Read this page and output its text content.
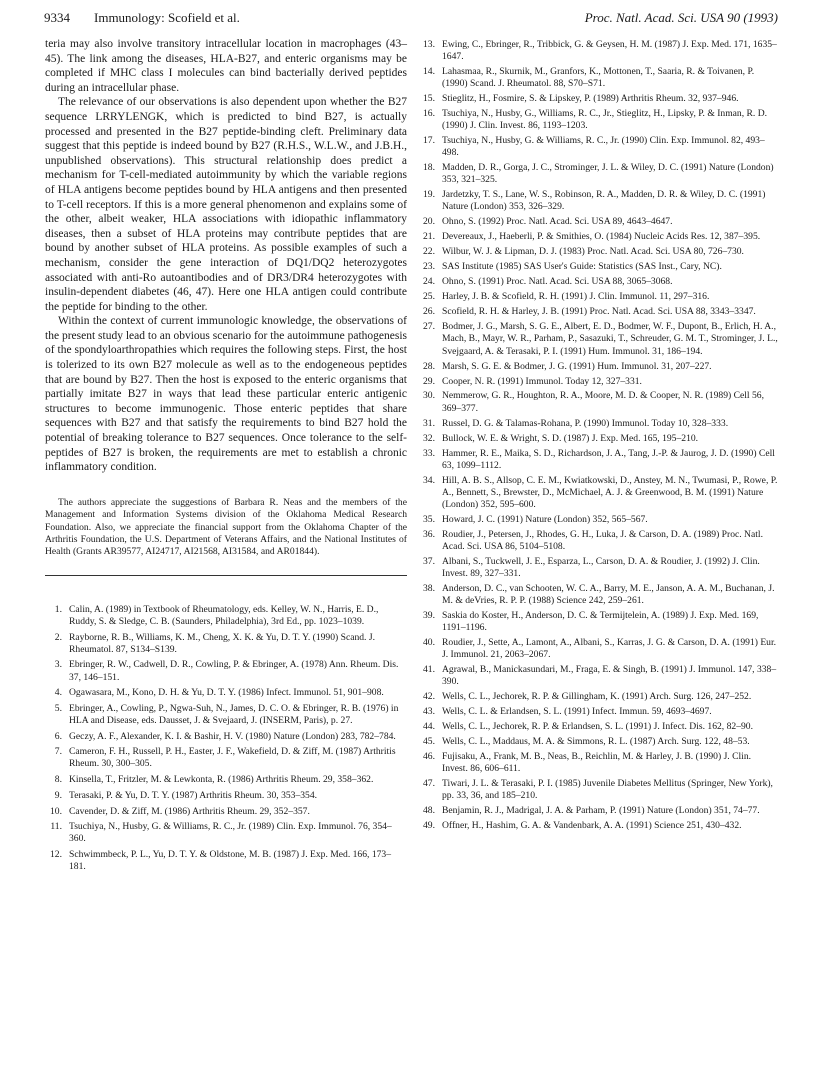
9334 Immunology: Scofield et al.	Proc. Natl. Acad. Sci. USA 90 (1993)

teria may also involve transitory intracellular location in macrophages (43–45). The link among the diseases, HLA-B27, and enteric organisms may be completed if MHC class I molecules can bind bacterially derived peptides during an intracellular phase.

The relevance of our observations is also dependent upon whether the B27 sequence LRRYLENGK, which is predicted to bind B27, is actually processed and presented in the B27 peptide-binding cleft. Preliminary data suggest that this peptide is indeed bound by B27 (R.H.S., W.L.W., and J.B.H., unpublished observations). This structural relationship does predict a mechanism for T-cell-mediated autoimmunity by which the variable regions of HLA antigens become peptides bound by HLA antigens and then presented to T-cell receptors. If this is a more general phenomenon and explains some of the other, albeit weaker, HLA associations with idiopathic inflammatory diseases, then a subset of HLA proteins may contribute peptides that are bound by another subset of HLA proteins. As possible examples of such a mechanism, consider the gene interaction of DQ1/DQ2 heterozygotes associated with anti-Ro autoantibodies and of DR3/DR4 heterozygotes with insulin-dependent diabetes (46, 47). Here one HLA antigen could contribute the peptide for binding to the other.

Within the context of current immunologic knowledge, the observations of the present study lead to an obvious scenario for the autoimmune pathogenesis of the spondyloarthropathies which requires the following steps. First, the host is tolerized to its own B27 molecule as well as to the endogeneous peptides that are bound by B27. Then the host is exposed to the enteric organisms that partially imitate B27 in ways that lead these particular enteric antigenic structures to become immunogenic. Those enteric peptides that share sequences with B27 and that satisfy the requirements to bind B27 hold the potential of breaking tolerance to B27 sequences. Once tolerance to the self-peptides of B27 is broken, the requirements are met to establish a chronic inflammatory condition.

The authors appreciate the suggestions of Barbara R. Neas and the members of the Management and Information Systems division of the Oklahoma Medical Research Foundation. Also, we appreciate the financial support from the Oklahoma Chapter of the Arthritis Foundation, the U.S. Department of Veterans Affairs, and the National Institutes of Health (Grants AR39577, AI24717, AI21568, AI31584, and AR01844).

1. Calin, A. (1989) in Textbook of Rheumatology, eds. Kelley, W. N., Harris, E. D., Ruddy, S. & Sledge, C. B. (Saunders, Philadelphia), 3rd Ed., pp. 1023–1039.
2. Rayborne, R. B., Williams, K. M., Cheng, X. K. & Yu, D. T. Y. (1990) Scand. J. Rheumatol. 87, S134–S139.
3. Ebringer, R. W., Cadwell, D. R., Cowling, P. & Ebringer, A. (1978) Ann. Rheum. Dis. 37, 146–151.
4. Ogawasara, M., Kono, D. H. & Yu, D. T. Y. (1986) Infect. Immunol. 51, 901–908.
5. Ebringer, A., Cowling, P., Ngwa-Suh, N., James, D. C. O. & Ebringer, R. B. (1976) in HLA and Disease, eds. Dausset, J. & Svejaard, J. (INSERM, Paris), p. 27.
6. Geczy, A. F., Alexander, K. I. & Bashir, H. V. (1980) Nature (London) 283, 782–784.
7. Cameron, F. H., Russell, P. H., Easter, J. F., Wakefield, D. & Ziff, M. (1987) Arthritis Rheum. 30, 300–305.
8. Kinsella, T., Fritzler, M. & Lewkonta, R. (1986) Arthritis Rheum. 29, 358–362.
9. Terasaki, P. & Yu, D. T. Y. (1987) Arthritis Rheum. 30, 353–354.
10. Cavender, D. & Ziff, M. (1986) Arthritis Rheum. 29, 352–357.
11. Tsuchiya, N., Husby, G. & Williams, R. C., Jr. (1989) Clin. Exp. Immunol. 76, 354–360.
12. Schwimmbeck, P. L., Yu, D. T. Y. & Oldstone, M. B. (1987) J. Exp. Med. 166, 173–181.
13. Ewing, C., Ebringer, R., Tribbick, G. & Geysen, H. M. (1987) J. Exp. Med. 171, 1635–1647.
14. Lahasmaa, R., Skurnik, M., Granfors, K., Mottonen, T., Saaria, R. & Toivanen, P. (1990) Scand. J. Rheumatol. 88, S70–S71.
15. Stieglitz, H., Fosmire, S. & Lipskey, P. (1989) Arthritis Rheum. 32, 937–946.
16. Tsuchiya, N., Husby, G., Williams, R. C., Jr., Stieglitz, H., Lipsky, P. & Inman, R. D. (1990) J. Clin. Invest. 86, 1193–1203.
17. Tsuchiya, N., Husby, G. & Williams, R. C., Jr. (1990) Clin. Exp. Immunol. 82, 493–498.
18. Madden, D. R., Gorga, J. C., Strominger, J. L. & Wiley, D. C. (1991) Nature (London) 353, 321–325.
19. Jardetzky, T. S., Lane, W. S., Robinson, R. A., Madden, D. R. & Wiley, D. C. (1991) Nature (London) 353, 326–329.
20. Ohno, S. (1992) Proc. Natl. Acad. Sci. USA 89, 4643–4647.
21. Devereaux, J., Haeberli, P. & Smithies, O. (1984) Nucleic Acids Res. 12, 387–395.
22. Wilbur, W. J. & Lipman, D. J. (1983) Proc. Natl. Acad. Sci. USA 80, 726–730.
23. SAS Institute (1985) SAS User's Guide: Statistics (SAS Inst., Cary, NC).
24. Ohno, S. (1991) Proc. Natl. Acad. Sci. USA 88, 3065–3068.
25. Harley, J. B. & Scofield, R. H. (1991) J. Clin. Immunol. 11, 297–316.
26. Scofield, R. H. & Harley, J. B. (1991) Proc. Natl. Acad. Sci. USA 88, 3343–3347.
27. Bodmer, J. G., Marsh, S. G. E., Albert, E. D., Bodmer, W. F., Dupont, B., Erlich, H. A., Mach, B., Mayr, W. R., Parham, P., Sasazuki, T., Schreuder, G. M. T., Strominger, J. L., Svejgaard, A. & Terasaki, P. I. (1991) Hum. Immunol. 31, 186–194.
28. Marsh, S. G. E. & Bodmer, J. G. (1991) Hum. Immunol. 31, 207–227.
29. Cooper, N. R. (1991) Immunol. Today 12, 327–331.
30. Nemmerow, G. R., Houghton, R. A., Moore, M. D. & Cooper, N. R. (1989) Cell 56, 369–377.
31. Russel, D. G. & Talamas-Rohana, P. (1990) Immunol. Today 10, 328–333.
32. Bullock, W. E. & Wright, S. D. (1987) J. Exp. Med. 165, 195–210.
33. Hammer, R. E., Maika, S. D., Richardson, J. A., Tang, J.-P. & Jaurog, J. D. (1990) Cell 63, 1099–1112.
34. Hill, A. B. S., Allsop, C. E. M., Kwiatkowski, D., Anstey, M. N., Twumasi, P., Rowe, P. A., Bennett, S., Brewster, D., McMichael, A. J. & Greenwood, B. M. (1991) Nature (London) 352, 595–600.
35. Howard, J. C. (1991) Nature (London) 352, 565–567.
36. Roudier, J., Petersen, J., Rhodes, G. H., Luka, J. & Carson, D. A. (1989) Proc. Natl. Acad. Sci. USA 86, 5104–5108.
37. Albani, S., Tuckwell, J. E., Esparza, L., Carson, D. A. & Roudier, J. (1992) J. Clin. Invest. 89, 327–331.
38. Anderson, D. C., van Schooten, W. C. A., Barry, M. E., Janson, A. A. M., Buchanan, J. M. & deVries, R. P. P. (1988) Science 242, 259–261.
39. Saskia do Koster, H., Anderson, D. C. & Termijtelein, A. (1989) J. Exp. Med. 169, 1191–1196.
40. Roudier, J., Sette, A., Lamont, A., Albani, S., Karras, J. G. & Carson, D. A. (1991) Eur. J. Immunol. 21, 2063–2067.
41. Agrawal, B., Manickasundari, M., Fraga, E. & Singh, B. (1991) J. Immunol. 147, 338–390.
42. Wells, C. L., Jechorek, R. P. & Gillingham, K. (1991) Arch. Surg. 126, 247–252.
43. Wells, C. L. & Erlandsen, S. L. (1991) Infect. Immun. 59, 4693–4697.
44. Wells, C. L., Jechorek, R. P. & Erlandsen, S. L. (1991) J. Infect. Dis. 162, 82–90.
45. Wells, C. L., Maddaus, M. A. & Simmons, R. L. (1987) Arch. Surg. 122, 48–53.
46. Fujisaku, A., Frank, M. B., Neas, B., Reichlin, M. & Harley, J. B. (1990) J. Clin. Invest. 86, 606–611.
47. Tiwari, J. L. & Terasaki, P. I. (1985) Juvenile Diabetes Mellitus (Springer, New York), pp. 33, 36, and 185–210.
48. Benjamin, R. J., Madrigal, J. A. & Parham, P. (1991) Nature (London) 351, 74–77.
49. Offner, H., Hashim, G. A. & Vandenbark, A. A. (1991) Science 251, 430–432.
